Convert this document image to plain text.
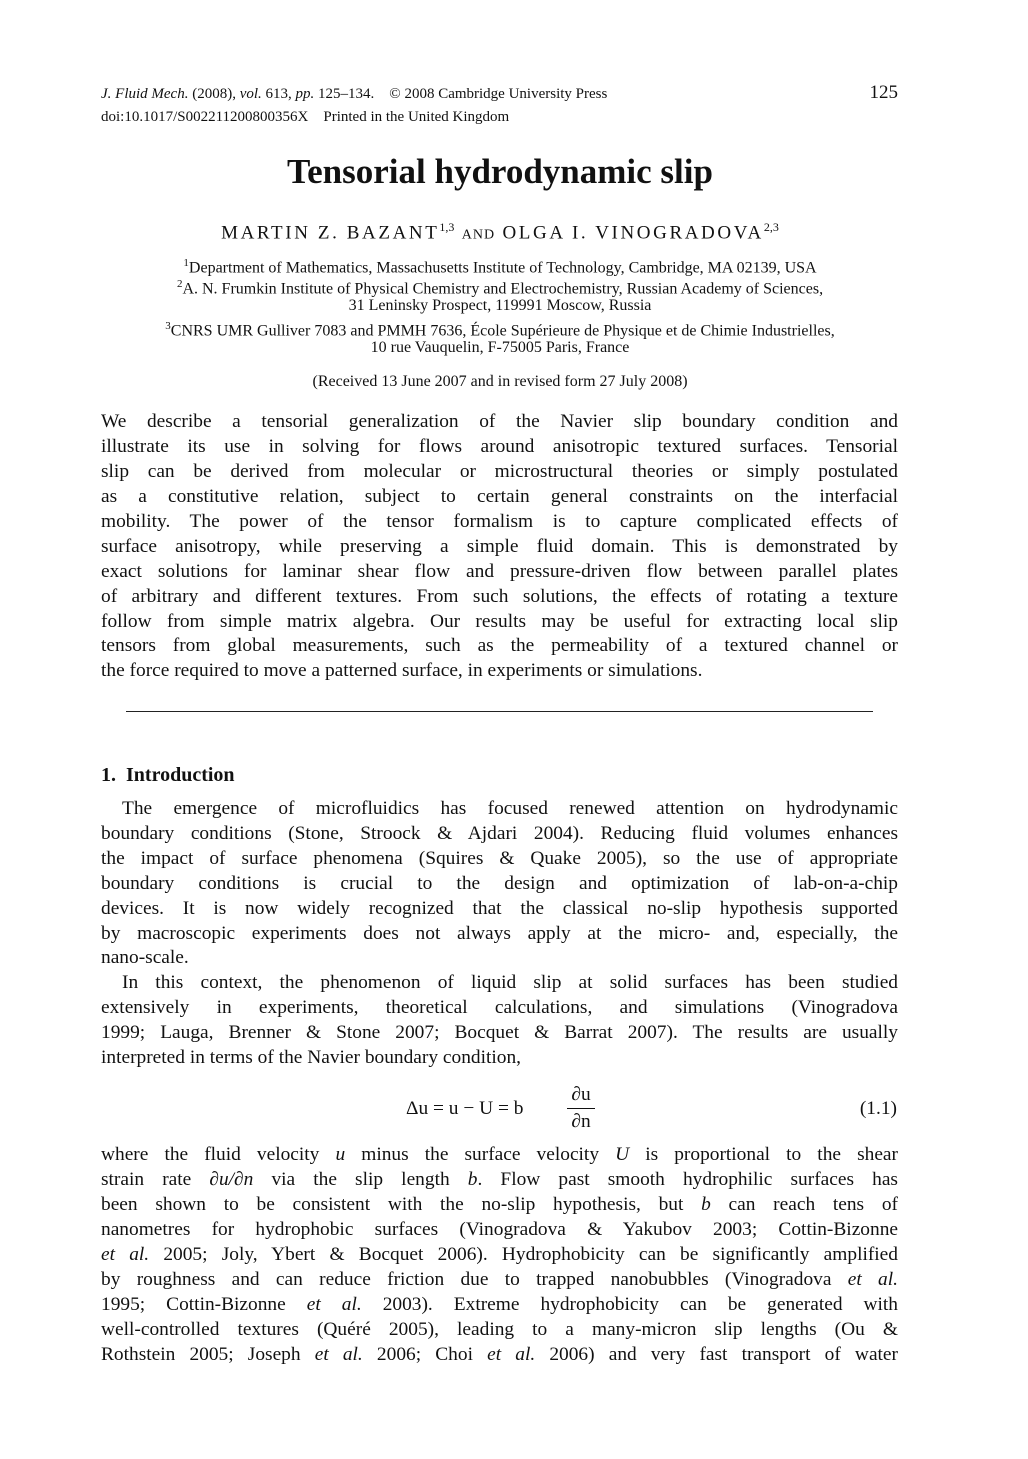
J. Fluid Mech. (2008), vol. 613, pp. 125–134. © 2008 Cambridge University Press
doi:10.1017/S002211200800356X Printed in the United Kingdom
125
Tensorial hydrodynamic slip
MARTIN Z. BAZANT$^{1,3}$ AND OLGA I. VINOGRADOVA$^{2,3}$
$^1$Department of Mathematics, Massachusetts Institute of Technology, Cambridge, MA 02139, USA
$^2$A. N. Frumkin Institute of Physical Chemistry and Electrochemistry, Russian Academy of Sciences,
31 Leninsky Prospect, 119991 Moscow, Russia
$^3$CNRS UMR Gulliver 7083 and PMMH 7636, École Supérieure de Physique et de Chimie Industrielles,
10 rue Vauquelin, F-75005 Paris, France
(Received 13 June 2007 and in revised form 27 July 2008)
We describe a tensorial generalization of the Navier slip boundary condition and
illustrate its use in solving for flows around anisotropic textured surfaces. Tensorial
slip can be derived from molecular or microstructural theories or simply postulated
as a constitutive relation, subject to certain general constraints on the interfacial
mobility. The power of the tensor formalism is to capture complicated effects of
surface anisotropy, while preserving a simple fluid domain. This is demonstrated by
exact solutions for laminar shear flow and pressure-driven flow between parallel plates
of arbitrary and different textures. From such solutions, the effects of rotating a texture
follow from simple matrix algebra. Our results may be useful for extracting local slip
tensors from global measurements, such as the permeability of a textured channel or
the force required to move a patterned surface, in experiments or simulations.
1. Introduction
The emergence of microfluidics has focused renewed attention on hydrodynamic
boundary conditions (Stone, Stroock & Ajdari 2004). Reducing fluid volumes enhances
the impact of surface phenomena (Squires & Quake 2005), so the use of appropriate
boundary conditions is crucial to the design and optimization of lab-on-a-chip
devices. It is now widely recognized that the classical no-slip hypothesis supported
by macroscopic experiments does not always apply at the micro- and, especially, the
nano-scale.
In this context, the phenomenon of liquid slip at solid surfaces has been studied
extensively in experiments, theoretical calculations, and simulations (Vinogradova
1999; Lauga, Brenner & Stone 2007; Bocquet & Barrat 2007). The results are usually
interpreted in terms of the Navier boundary condition,
Δu = u − U = b
∂u
∂n
(1.1)
where the fluid velocity u minus the surface velocity U is proportional to the shear
strain rate ∂u/∂n via the slip length b. Flow past smooth hydrophilic surfaces has
been shown to be consistent with the no-slip hypothesis, but b can reach tens of
nanometres for hydrophobic surfaces (Vinogradova & Yakubov 2003; Cottin-Bizonne
et al. 2005; Joly, Ybert & Bocquet 2006). Hydrophobicity can be significantly amplified
by roughness and can reduce friction due to trapped nanobubbles (Vinogradova et al.
1995; Cottin-Bizonne et al. 2003). Extreme hydrophobicity can be generated with
well-controlled textures (Quéré 2005), leading to a many-micron slip lengths (Ou &
Rothstein 2005; Joseph et al. 2006; Choi et al. 2006) and very fast transport of water
